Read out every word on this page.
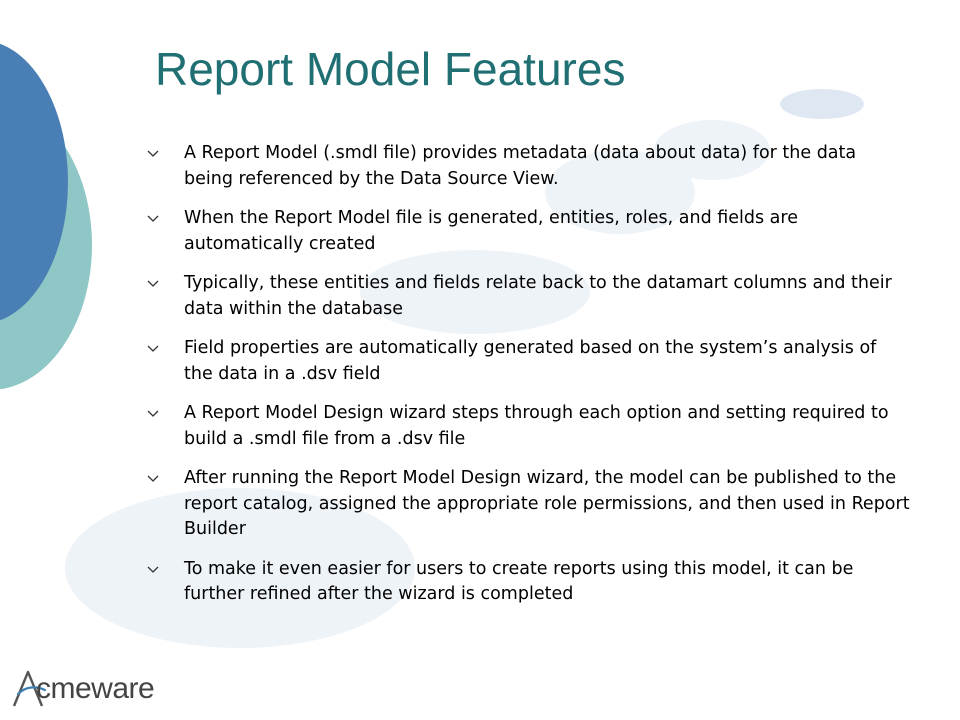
Report Model Features
A Report Model (.smdl file) provides metadata (data about data) for the data being referenced by the Data Source View.
When the Report Model file is generated, entities, roles, and fields are automatically created
Typically, these entities and fields relate back to the datamart columns and their data within the database
Field properties are automatically generated based on the system’s analysis of the data in a .dsv field
A Report Model Design wizard steps through each option and setting required to build a .smdl file from a .dsv file
After running the Report Model Design wizard, the model can be published to the report catalog, assigned the appropriate role permissions, and then used in Report Builder
To make it even easier for users to create reports using this model, it can be further refined after the wizard is completed
cmeware
